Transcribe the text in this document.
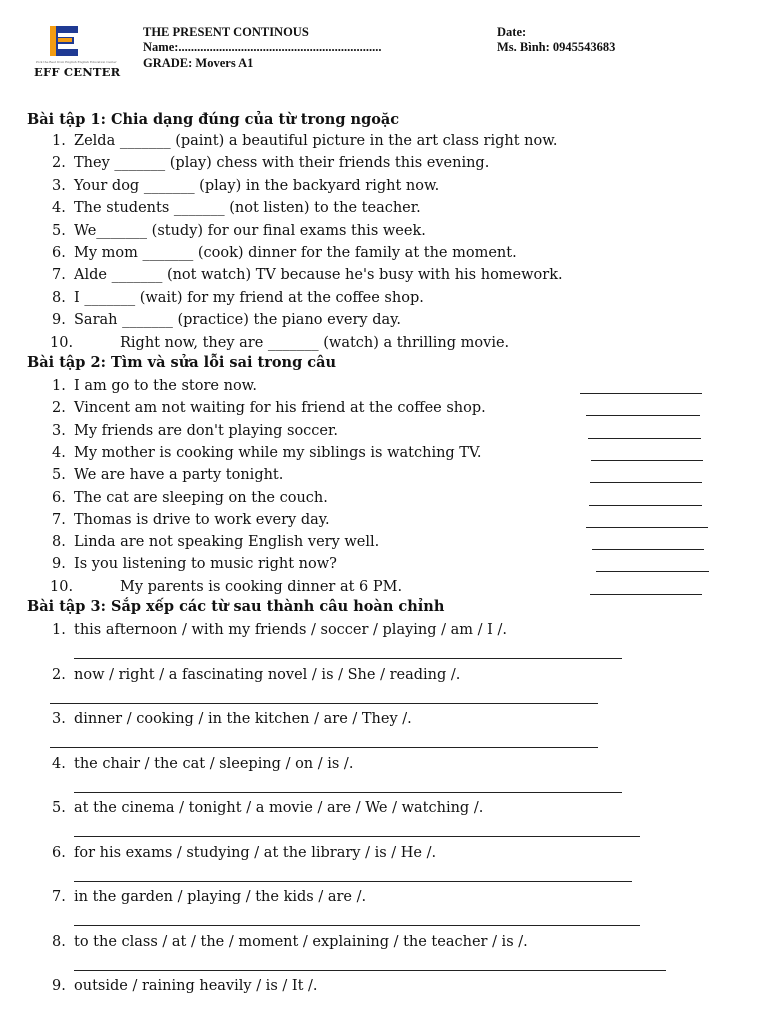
Pick the Best from English English Education Center
EFF CENTER
THE PRESENT CONTINOUS
Name:.................................................................
GRADE: Movers A1
Date:
Ms. Bình: 0945543683
Bài tập 1: Chia dạng đúng của từ trong ngoặc
1. Zelda _______ (paint) a beautiful picture in the art class right now.
2. They _______ (play) chess with their friends this evening.
3. Your dog _______ (play) in the backyard right now.
4. The students _______ (not listen) to the teacher.
5. We_______ (study) for our final exams this week.
6. My mom _______ (cook) dinner for the family at the moment.
7. Alde _______ (not watch) TV because he's busy with his homework.
8. I _______ (wait) for my friend at the coffee shop.
9. Sarah _______ (practice) the piano every day.
10.	Right now, they are _______ (watch) a thrilling movie.
Bài tập 2: Tìm và sửa lỗi sai trong câu
1. I am go to the store now.
2. Vincent am not waiting for his friend at the coffee shop.
3. My friends are don't playing soccer.
4. My mother is cooking while my siblings is watching TV.
5. We are have a party tonight.
6. The cat are sleeping on the couch.
7. Thomas is drive to work every day.
8. Linda are not speaking English very well.
9. Is you listening to music right now?
10.	My parents is cooking dinner at 6 PM.
Bài tập 3: Sắp xếp các từ sau thành câu hoàn chỉnh
1. this afternoon / with my friends / soccer / playing / am / I /.
2. now / right / a fascinating novel / is / She / reading /.
3. dinner / cooking / in the kitchen / are / They /.
4. the chair / the cat / sleeping / on / is /.
5. at the cinema / tonight / a movie / are / We / watching /.
6. for his exams / studying / at the library / is / He /.
7. in the garden / playing / the kids / are /.
8. to the class / at / the / moment / explaining / the teacher / is /.
9. outside / raining heavily / is / It /.
